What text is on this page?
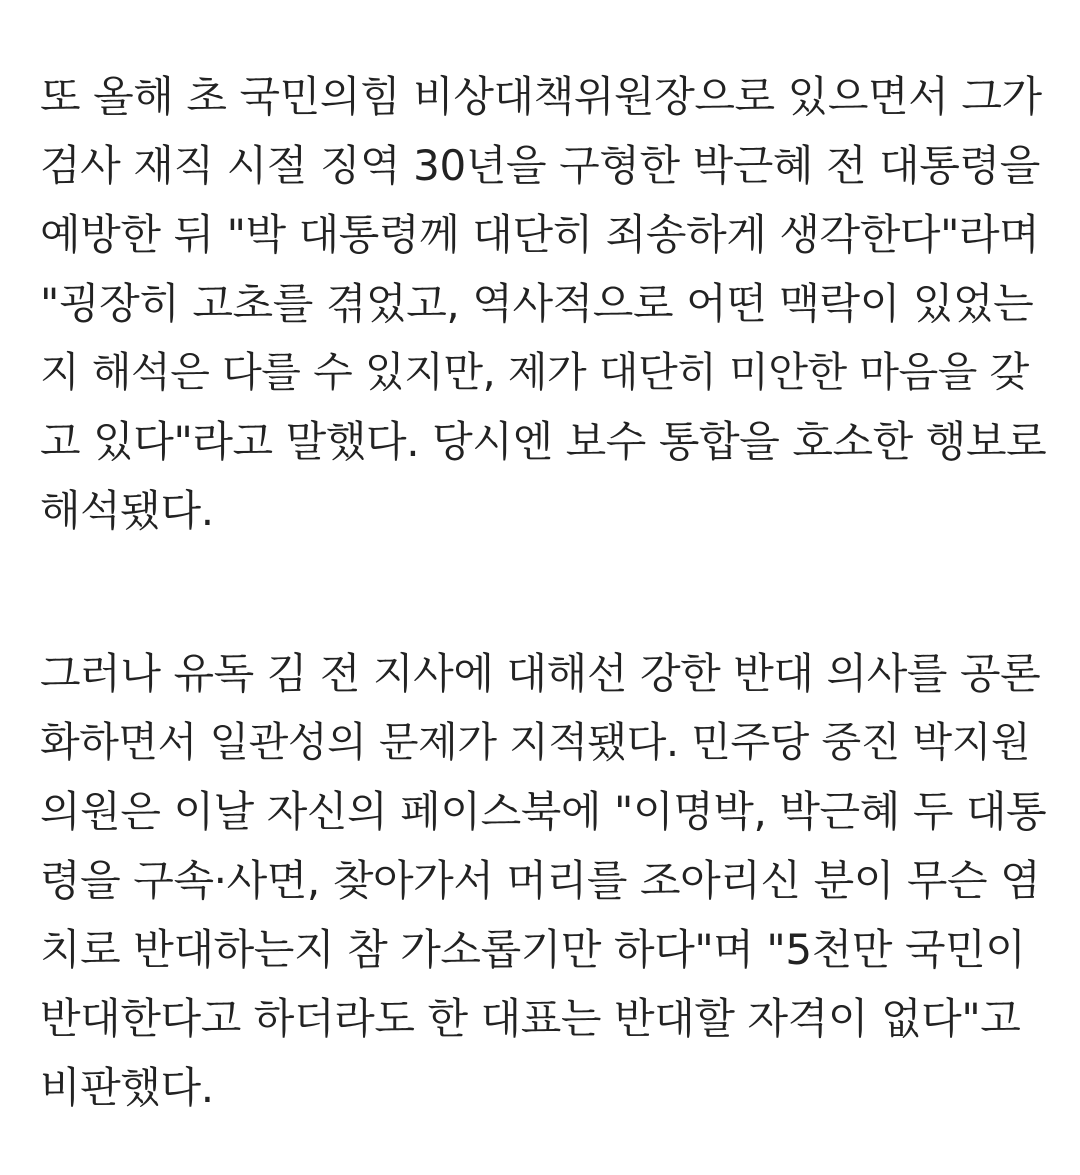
또 올해 초 국민의힘 비상대책위원장으로 있으면서 그가
검사 재직 시절 징역 30년을 구형한 박근혜 전 대통령을
예방한 뒤 "박 대통령께 대단히 죄송하게 생각한다"라며
"굉장히 고초를 겪었고, 역사적으로 어떤 맥락이 있었는
지 해석은 다를 수 있지만, 제가 대단히 미안한 마음을 갖
고 있다"라고 말했다. 당시엔 보수 통합을 호소한 행보로
해석됐다.

그러나 유독 김 전 지사에 대해선 강한 반대 의사를 공론
화하면서 일관성의 문제가 지적됐다. 민주당 중진 박지원
의원은 이날 자신의 페이스북에 "이명박, 박근혜 두 대통
령을 구속·사면, 찾아가서 머리를 조아리신 분이 무슨 염
치로 반대하는지 참 가소롭기만 하다"며 "5천만 국민이
반대한다고 하더라도 한 대표는 반대할 자격이 없다"고
비판했다.
